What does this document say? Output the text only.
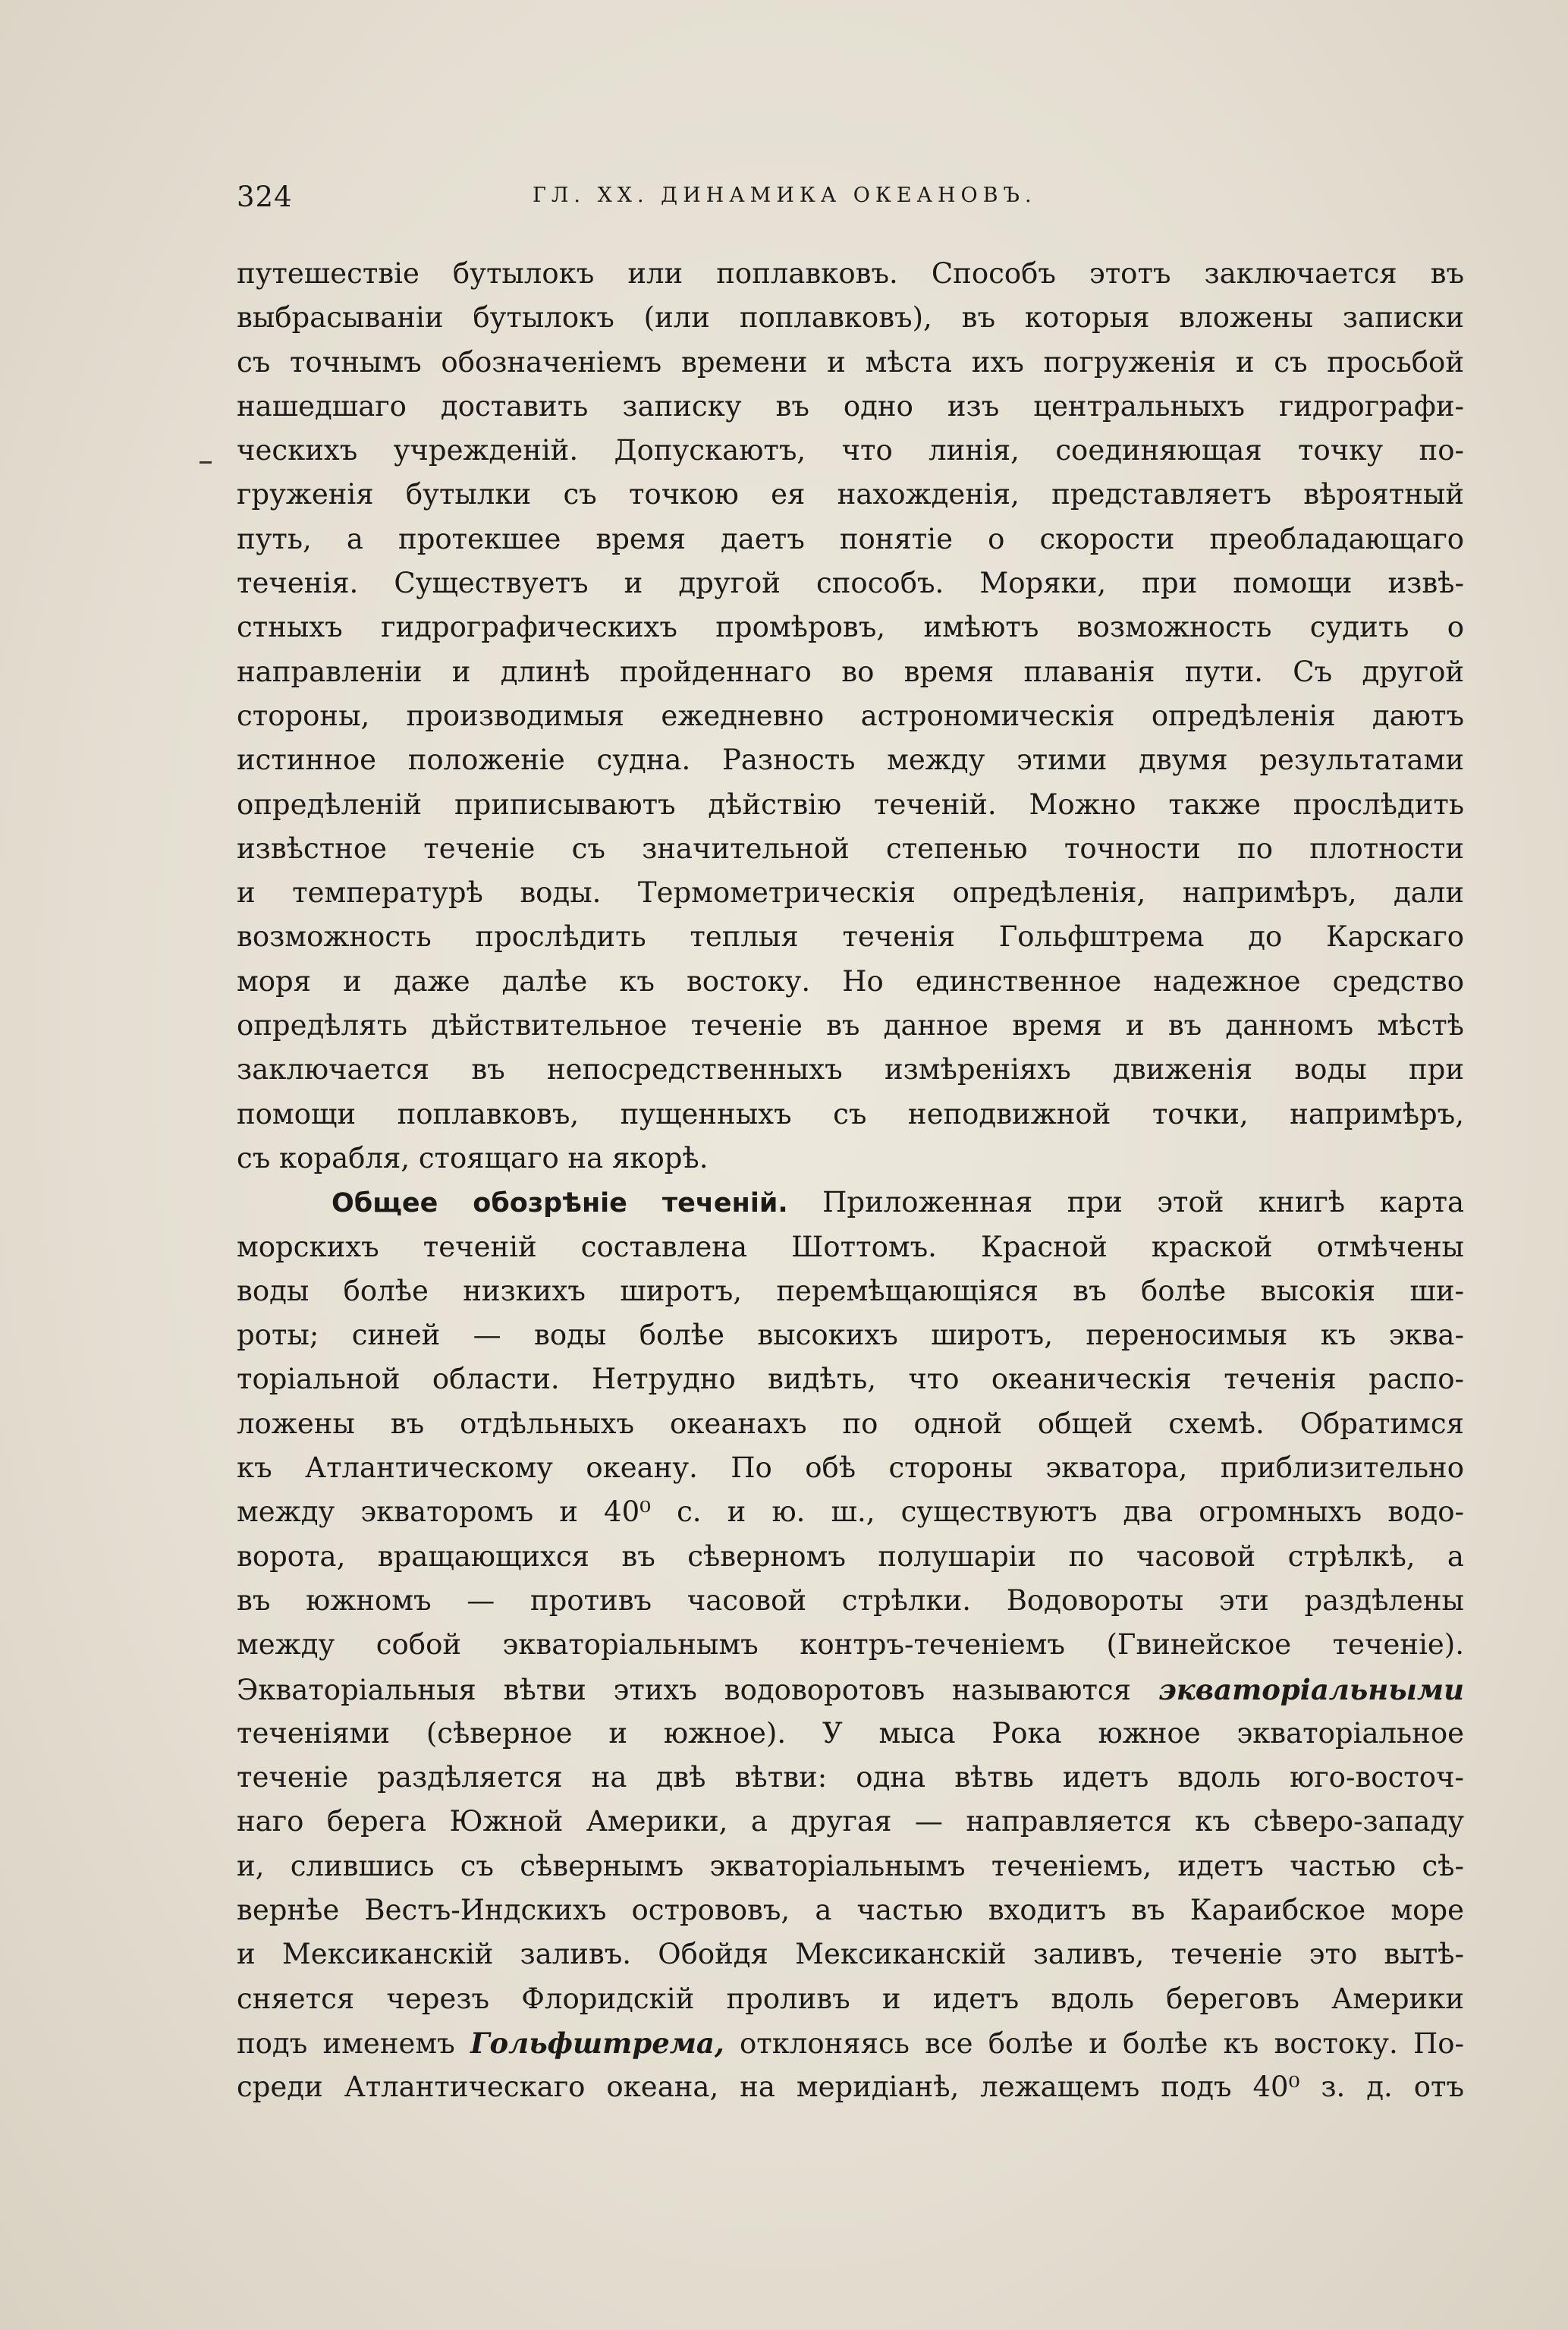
324	ГЛ. XX. ДИНАМИКА ОКЕАНОВЪ.
путешествіе бутылокъ или поплавковъ. Способъ этотъ заключается въ
выбрасываніи бутылокъ (или поплавковъ), въ которыя вложены записки
съ точнымъ обозначеніемъ времени и мѣста ихъ погруженія и съ просьбой
нашедшаго доставить записку въ одно изъ центральныхъ гидрографи-
ческихъ учрежденій. Допускаютъ, что линія, соединяющая точку по-
груженія бутылки съ точкою ея нахожденія, представляетъ вѣроятный
путь, а протекшее время даетъ понятіе о скорости преобладающаго
теченія. Существуетъ и другой способъ. Моряки, при помощи извѣ-
стныхъ гидрографическихъ промѣровъ, имѣютъ возможность судить о
направленіи и длинѣ пройденнаго во время плаванія пути. Съ другой
стороны, производимыя ежедневно астрономическія опредѣленія даютъ
истинное положеніе судна. Разность между этими двумя результатами
опредѣленій приписываютъ дѣйствію теченій. Можно также прослѣдить
извѣстное теченіе съ значительной степенью точности по плотности
и температурѣ воды. Термометрическія опредѣленія, напримѣръ, дали
возможность прослѣдить теплыя теченія Гольфштрема до Карскаго
моря и даже далѣе къ востоку. Но единственное надежное средство
опредѣлять дѣйствительное теченіе въ данное время и въ данномъ мѣстѣ
заключается въ непосредственныхъ измѣреніяхъ движенія воды при
помощи поплавковъ, пущенныхъ съ неподвижной точки, напримѣръ,
съ корабля, стоящаго на якорѣ.
Общее обозрѣніе теченій. Приложенная при этой книгѣ карта
морскихъ теченій составлена Шоттомъ. Красной краской отмѣчены
воды болѣе низкихъ широтъ, перемѣщающіяся въ болѣе высокія ши-
роты; синей — воды болѣе высокихъ широтъ, переносимыя къ эква-
торіальной области. Нетрудно видѣть, что океаническія теченія распо-
ложены въ отдѣльныхъ океанахъ по одной общей схемѣ. Обратимся
къ Атлантическому океану. По обѣ стороны экватора, приблизительно
между экваторомъ и 40⁰ с. и ю. ш., существуютъ два огромныхъ водо-
ворота, вращающихся въ сѣверномъ полушаріи по часовой стрѣлкѣ, а
въ южномъ — противъ часовой стрѣлки. Водовороты эти раздѣлены
между собой экваторіальнымъ контръ-теченіемъ (Гвинейское теченіе).
Экваторіальныя вѣтви этихъ водоворотовъ называются экваторіальными
теченіями (сѣверное и южное). У мыса Рока южное экваторіальное
теченіе раздѣляется на двѣ вѣтви: одна вѣтвь идетъ вдоль юго-восточ-
наго берега Южной Америки, а другая — направляется къ сѣверо-западу
и, слившись съ сѣвернымъ экваторіальнымъ теченіемъ, идетъ частью сѣ-
вернѣе Вестъ-Индскихъ острововъ, а частью входитъ въ Караибское море
и Мексиканскій заливъ. Обойдя Мексиканскій заливъ, теченіе это вытѣ-
сняется черезъ Флоридскій проливъ и идетъ вдоль береговъ Америки
подъ именемъ Гольфштрема, отклоняясь все болѣе и болѣе къ востоку. По-
среди Атлантическаго океана, на меридіанѣ, лежащемъ подъ 40⁰ з. д. отъ
